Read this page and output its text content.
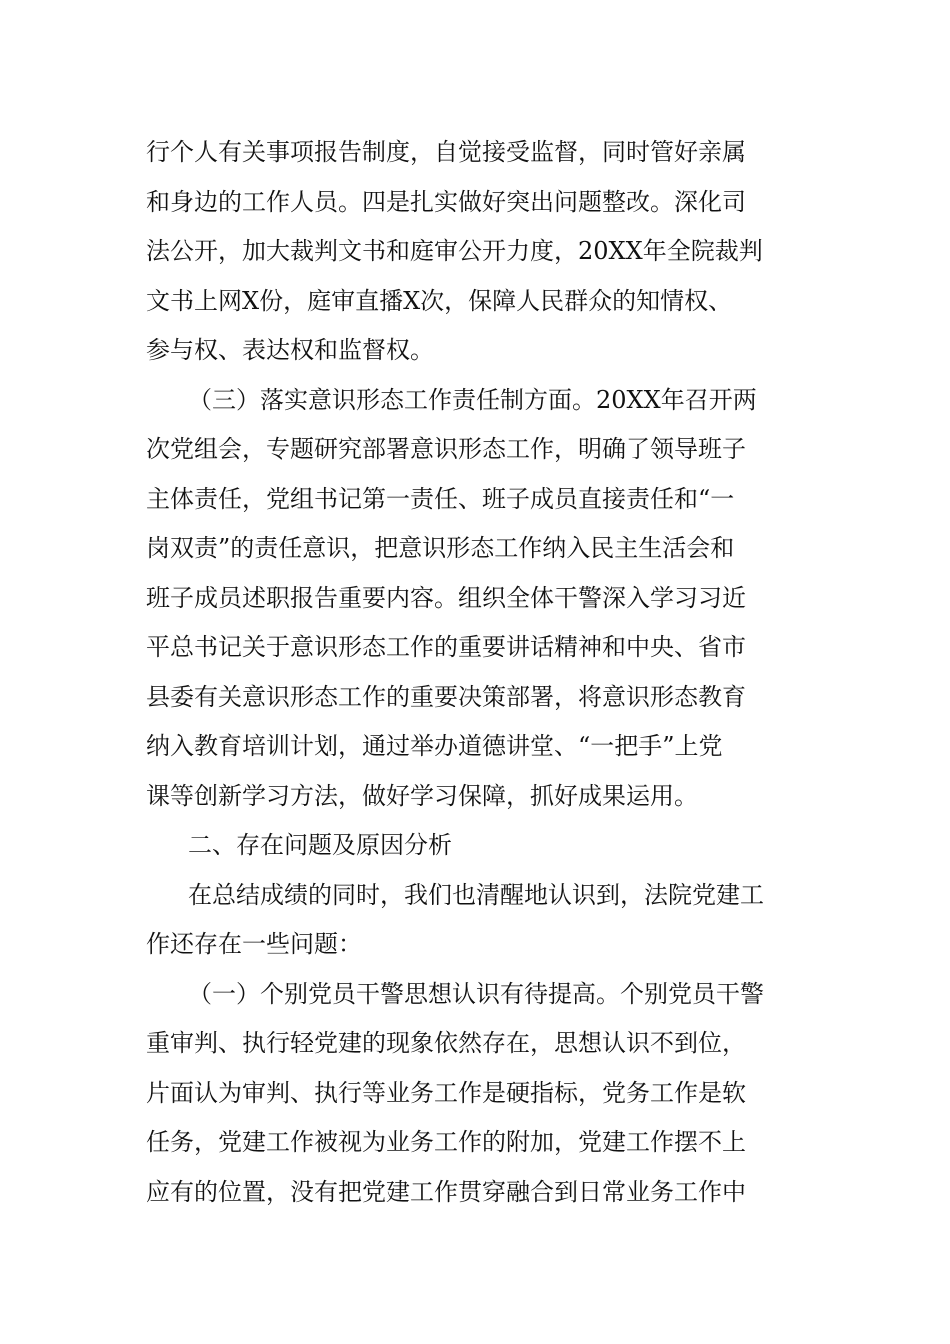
行个人有关事项报告制度，自觉接受监督，同时管好亲属
和身边的工作人员。四是扎实做好突出问题整改。深化司
法公开，加大裁判文书和庭审公开力度，20XX年全院裁判
文书上网X份，庭审直播X次，保障人民群众的知情权、
参与权、表达权和监督权。
（三）落实意识形态工作责任制方面。20XX年召开两
次党组会，专题研究部署意识形态工作，明确了领导班子
主体责任，党组书记第一责任、班子成员直接责任和“一
岗双责”的责任意识，把意识形态工作纳入民主生活会和
班子成员述职报告重要内容。组织全体干警深入学习习近
平总书记关于意识形态工作的重要讲话精神和中央、省市
县委有关意识形态工作的重要决策部署，将意识形态教育
纳入教育培训计划，通过举办道德讲堂、“一把手”上党
课等创新学习方法，做好学习保障，抓好成果运用。
二、存在问题及原因分析
在总结成绩的同时，我们也清醒地认识到，法院党建工
作还存在一些问题：
（一）个别党员干警思想认识有待提高。个别党员干警
重审判、执行轻党建的现象依然存在，思想认识不到位，
片面认为审判、执行等业务工作是硬指标，党务工作是软
任务，党建工作被视为业务工作的附加，党建工作摆不上
应有的位置，没有把党建工作贯穿融合到日常业务工作中
